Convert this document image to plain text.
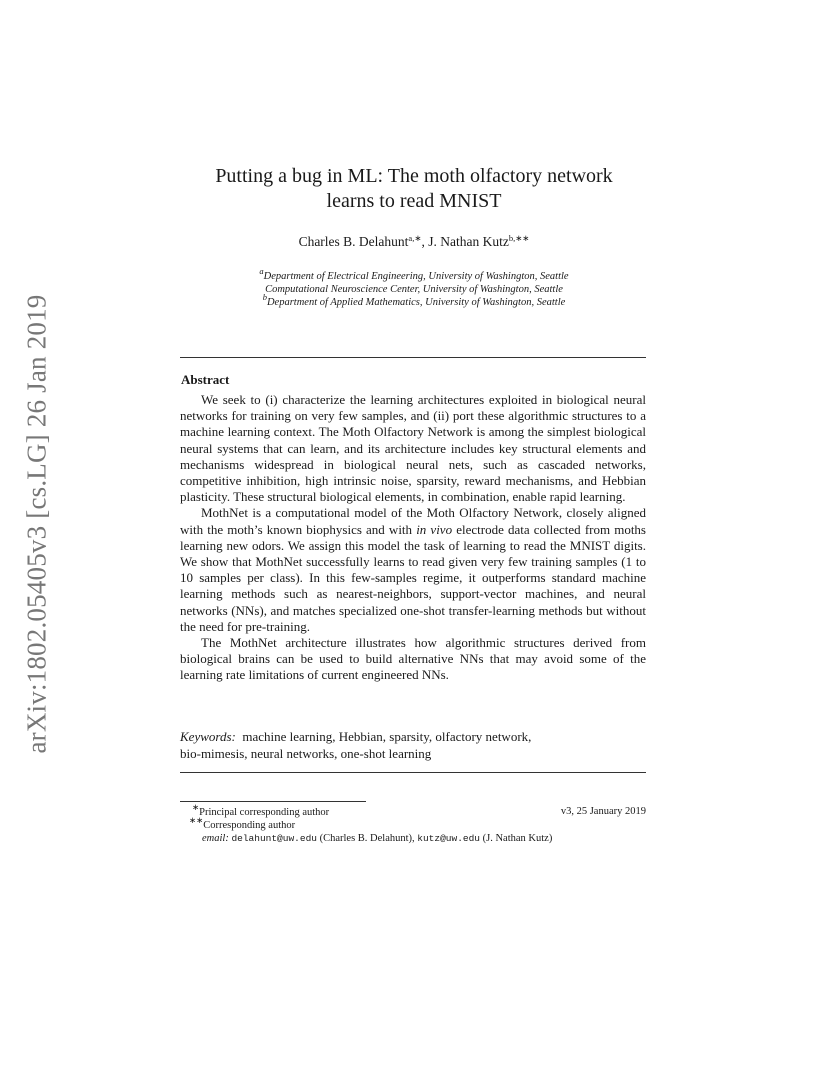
arXiv:1802.05405v3 [cs.LG] 26 Jan 2019
Putting a bug in ML: The moth olfactory network
learns to read MNIST
Charles B. Delahunt$^{a,∗}$, J. Nathan Kutz$^{b,∗∗}$
$^a$Department of Electrical Engineering, University of Washington, Seattle
Computational Neuroscience Center, University of Washington, Seattle
$^b$Department of Applied Mathematics, University of Washington, Seattle
Abstract

We seek to (i) characterize the learning architectures exploited in biological neural networks for training on very few samples, and (ii) port these algorithmic structures to a machine learning context. The Moth Olfactory Network is among the simplest biological neural systems that can learn, and its architecture includes key structural elements and mechanisms widespread in biological neural nets, such as cascaded networks, competitive inhibition, high intrinsic noise, sparsity, reward mechanisms, and Hebbian plasticity. These structural biological elements, in combination, enable rapid learning.

MothNet is a computational model of the Moth Olfactory Network, closely aligned with the moth’s known biophysics and with in vivo electrode data collected from moths learning new odors. We assign this model the task of learning to read the MNIST digits. We show that MothNet successfully learns to read given very few training samples (1 to 10 samples per class). In this few-samples regime, it outperforms standard machine learning methods such as nearest-neighbors, support-vector machines, and neural networks (NNs), and matches specialized one-shot transfer-learning methods but without the need for pre-training.

The MothNet architecture illustrates how algorithmic structures derived from biological brains can be used to build alternative NNs that may avoid some of the learning rate limitations of current engineered NNs.

Keywords: machine learning, Hebbian, sparsity, olfactory network,
bio-mimesis, neural networks, one-shot learning
∗Principal corresponding author
∗∗Corresponding author
email: delahunt@uw.edu (Charles B. Delahunt), kutz@uw.edu (J. Nathan Kutz)
v3, 25 January 2019
